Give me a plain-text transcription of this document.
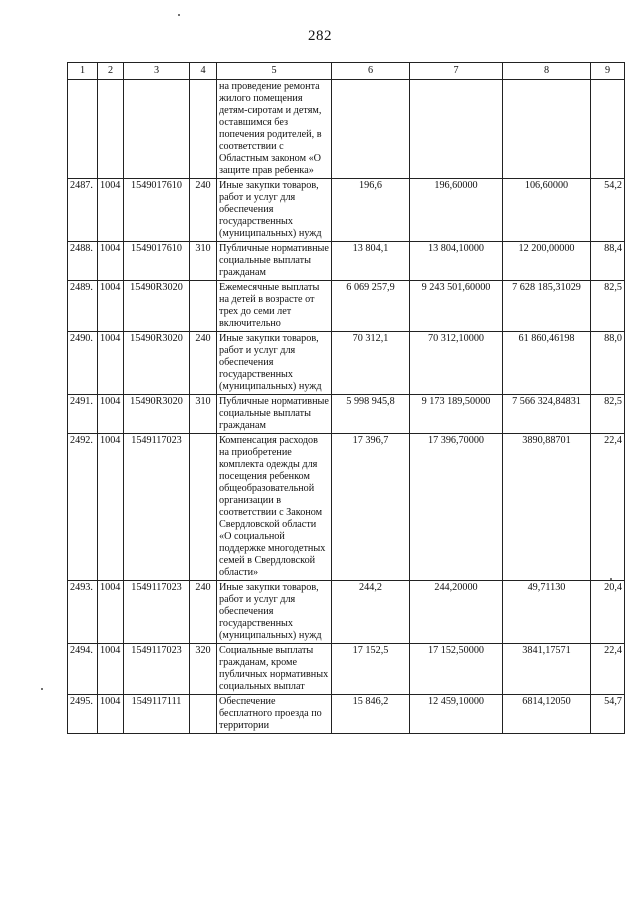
282
1	2	3	4	5	6	7	8	9
				на проведение ремонта жилого помещения детям-сиротам и детям, оставшимся без попечения родителей, в соответствии с Областным законом «О защите прав ребенка»				
2487.	1004	1549017610	240	Иные закупки товаров, работ и услуг для обеспечения государственных (муниципальных) нужд	196,6	196,60000	106,60000	54,2
2488.	1004	1549017610	310	Публичные нормативные социальные выплаты гражданам	13 804,1	13 804,10000	12 200,00000	88,4
2489.	1004	15490R3020		Ежемесячные выплаты на детей в возрасте от трех до семи лет включительно	6 069 257,9	9 243 501,60000	7 628 185,31029	82,5
2490.	1004	15490R3020	240	Иные закупки товаров, работ и услуг для обеспечения государственных (муниципальных) нужд	70 312,1	70 312,10000	61 860,46198	88,0
2491.	1004	15490R3020	310	Публичные нормативные социальные выплаты гражданам	5 998 945,8	9 173 189,50000	7 566 324,84831	82,5
2492.	1004	1549117023		Компенсация расходов на приобретение комплекта одежды для посещения ребенком общеобразовательной организации в соответствии с Законом Свердловской области «О социальной поддержке многодетных семей в Свердловской области»	17 396,7	17 396,70000	3890,88701	22,4
2493.	1004	1549117023	240	Иные закупки товаров, работ и услуг для обеспечения государственных (муниципальных) нужд	244,2	244,20000	49,71130	20,4
2494.	1004	1549117023	320	Социальные выплаты гражданам, кроме публичных нормативных социальных выплат	17 152,5	17 152,50000	3841,17571	22,4
2495.	1004	1549117111		Обеспечение бесплатного проезда по территории	15 846,2	12 459,10000	6814,12050	54,7
